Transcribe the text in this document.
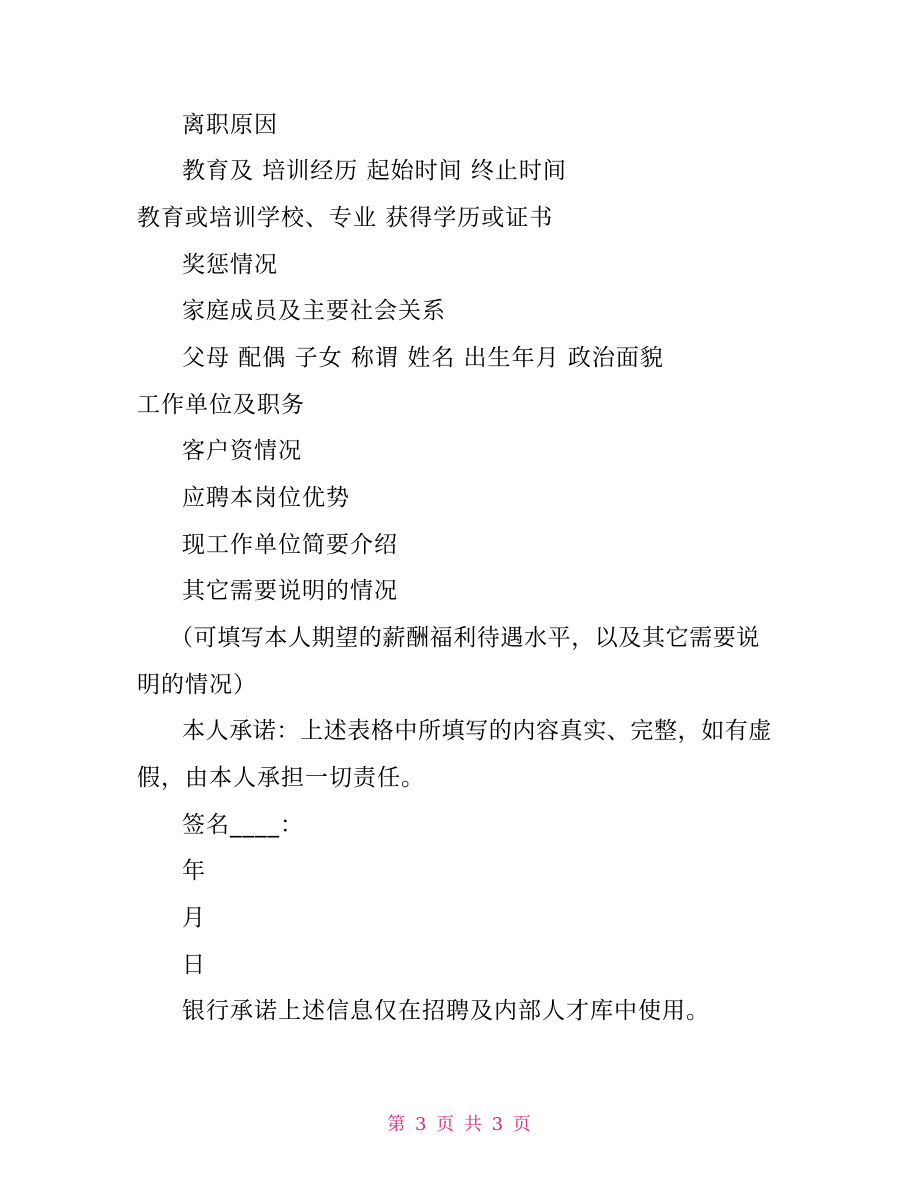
离职原因
教育及 培训经历 起始时间 终止时间
教育或培训学校、专业 获得学历或证书
奖惩情况
家庭成员及主要社会关系
父母 配偶 子女 称谓 姓名 出生年月 政治面貌
工作单位及职务
客户资情况
应聘本岗位优势
现工作单位简要介绍
其它需要说明的情况
（可填写本人期望的薪酬福利待遇水平，以及其它需要说
明的情况）
本人承诺：上述表格中所填写的内容真实、完整，如有虚
假，由本人承担一切责任。
签名____：
年
月
日
银行承诺上述信息仅在招聘及内部人才库中使用。
第 3 页 共 3 页
